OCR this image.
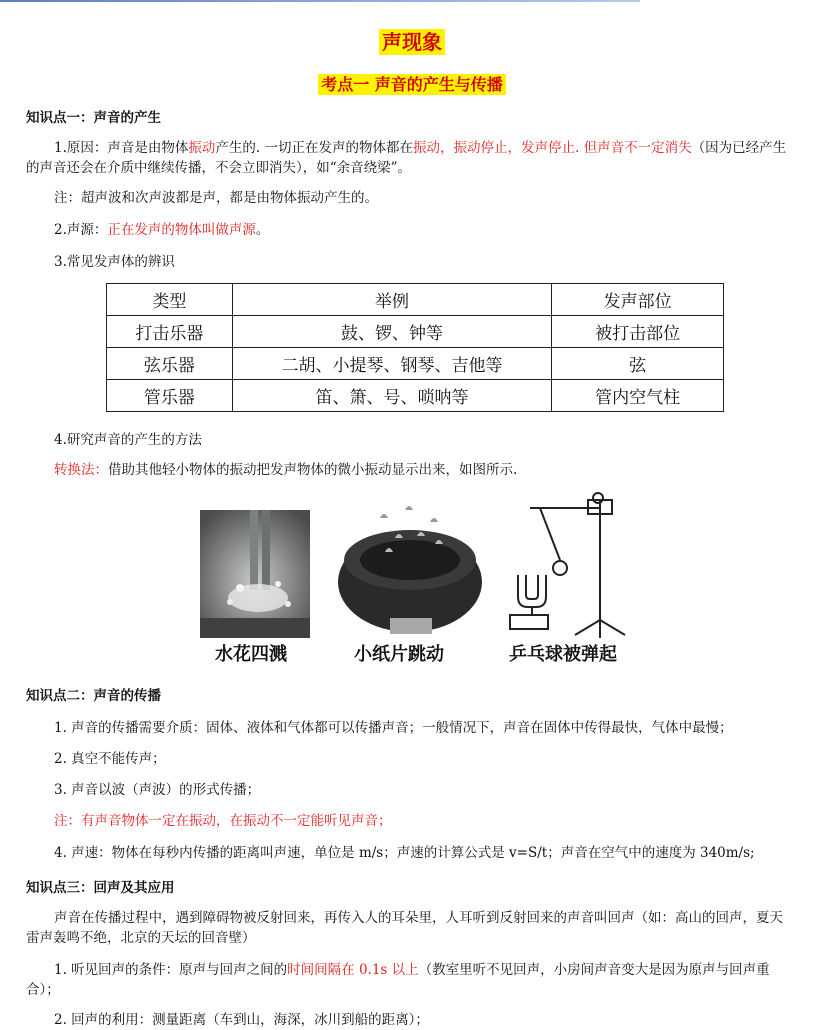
声现象
考点一 声音的产生与传播
知识点一：声音的产生
1.原因：声音是由物体振动产生的. 一切正在发声的物体都在振动，振动停止，发声停止. 但声音不一定消失（因为已经产生的声音还会在介质中继续传播，不会立即消失），如“余音绕梁”。
注：超声波和次声波都是声，都是由物体振动产生的。
2.声源：正在发声的物体叫做声源。
3.常见发声体的辨识
类型	举例	发声部位
打击乐器	鼓、锣、钟等	被打击部位
弦乐器	二胡、小提琴、钢琴、吉他等	弦
管乐器	笛、箫、号、唢呐等	管内空气柱
4.研究声音的产生的方法
转换法：借助其他轻小物体的振动把发声物体的微小振动显示出来，如图所示.
水花四溅	小纸片跳动	乒乓球被弹起
知识点二：声音的传播
1. 声音的传播需要介质：固体、液体和气体都可以传播声音；一般情况下，声音在固体中传得最快，气体中最慢；
2. 真空不能传声；
3. 声音以波（声波）的形式传播；
注：有声音物体一定在振动，在振动不一定能听见声音；
4. 声速：物体在每秒内传播的距离叫声速，单位是 m/s；声速的计算公式是 v=S/t；声音在空气中的速度为 340m/s;
知识点三：回声及其应用
声音在传播过程中，遇到障碍物被反射回来，再传入人的耳朵里，人耳听到反射回来的声音叫回声（如：高山的回声，夏天雷声轰鸣不绝，北京的天坛的回音壁）
1. 听见回声的条件：原声与回声之间的时间间隔在 0.1s 以上（教室里听不见回声，小房间声音变大是因为原声与回声重合）；
2. 回声的利用：测量距离（车到山，海深，冰川到船的距离）；
